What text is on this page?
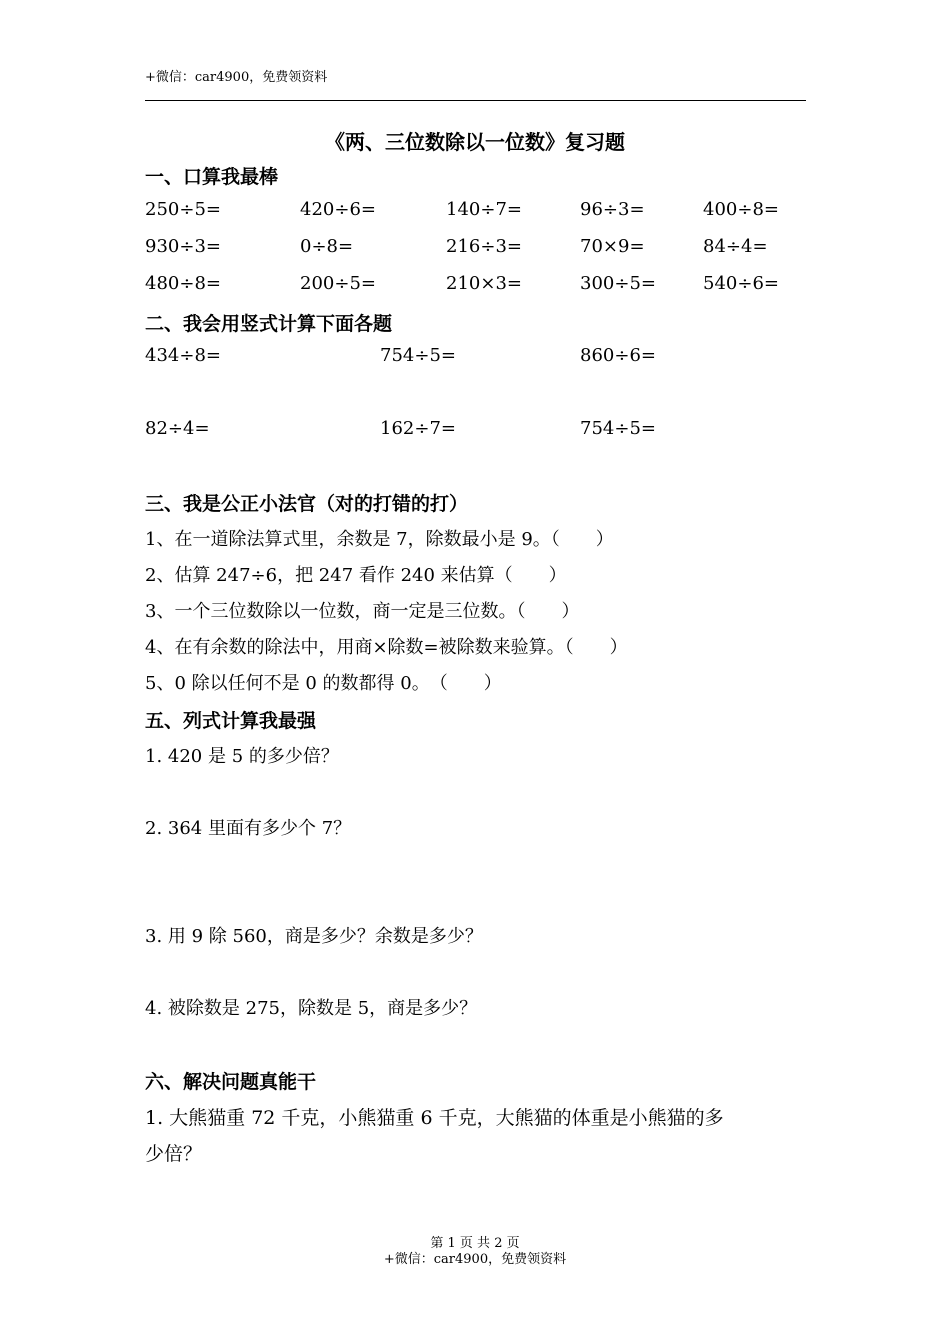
+微信：car4900，免费领资料
《两、三位数除以一位数》复习题
一、口算我最棒
250÷5=	420÷6=	140÷7=	96÷3=	400÷8=
930÷3=	0÷8=	216÷3=	70×9=	84÷4=
480÷8=	200÷5=	210×3=	300÷5=	540÷6=
二、我会用竖式计算下面各题
434÷8=	754÷5=	860÷6=
82÷4=	162÷7=	754÷5=
三、我是公正小法官（对的打错的打）
1、在一道除法算式里，余数是 7，除数最小是 9。（　　）
2、估算 247÷6，把 247 看作 240 来估算（　　）
3、一个三位数除以一位数，商一定是三位数。（　　）
4、在有余数的除法中，用商×除数=被除数来验算。（　　）
5、0 除以任何不是 0 的数都得 0。　（　　）
五、列式计算我最强
1. 420 是 5 的多少倍？
2. 364 里面有多少个 7？
3. 用 9 除 560，商是多少？余数是多少？
4. 被除数是 275，除数是 5，商是多少？
六、解决问题真能干
1. 大熊猫重 72 千克，小熊猫重 6 千克，大熊猫的体重是小熊猫的多
少倍？
第 1 页 共 2 页
+微信：car4900，免费领资料
